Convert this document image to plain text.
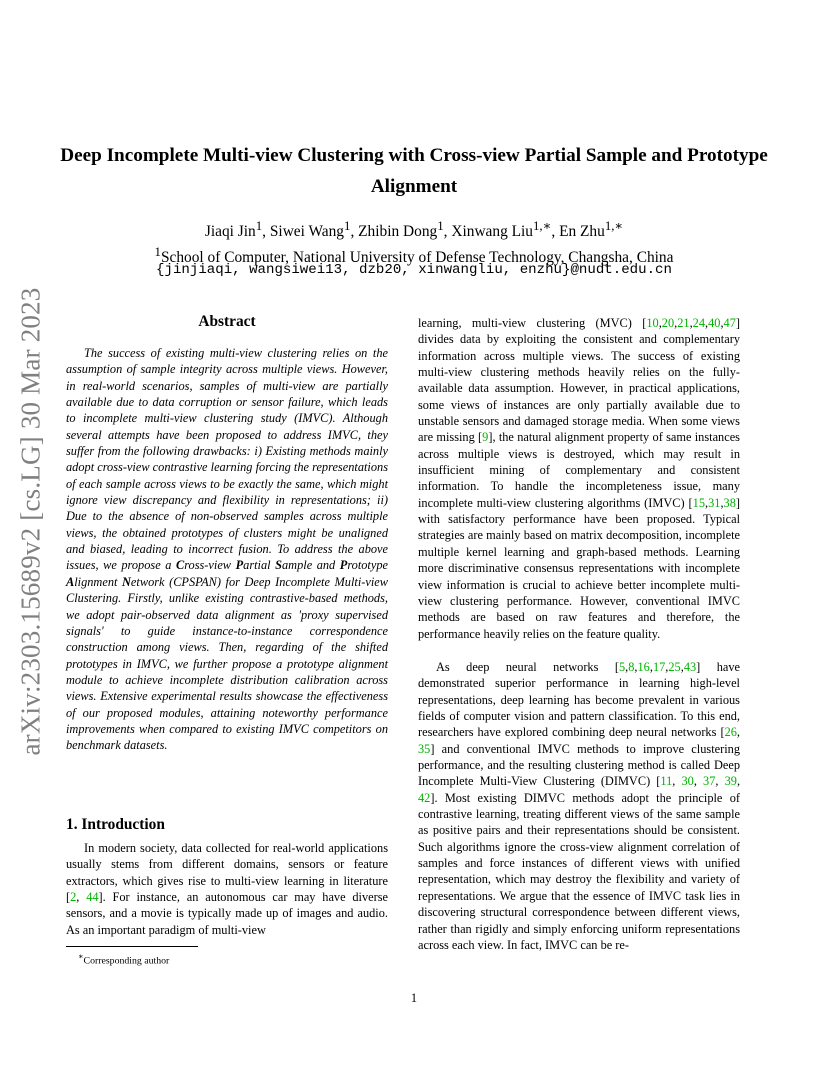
arXiv:2303.15689v2 [cs.LG] 30 Mar 2023
Deep Incomplete Multi-view Clustering with Cross-view Partial Sample and Prototype Alignment
Jiaqi Jin$^1$, Siwei Wang$^1$, Zhibin Dong$^1$, Xinwang Liu$^{1,∗}$, En Zhu$^{1,∗}$
$^1$School of Computer, National University of Defense Technology, Changsha, China
{jinjiaqi, wangsiwei13, dzb20, xinwangliu, enzhu}@nudt.edu.cn
Abstract

The success of existing multi-view clustering relies on the assumption of sample integrity across multiple views. However, in real-world scenarios, samples of multi-view are partially available due to data corruption or sensor failure, which leads to incomplete multi-view clustering study (IMVC). Although several attempts have been proposed to address IMVC, they suffer from the following drawbacks: i) Existing methods mainly adopt cross-view contrastive learning forcing the representations of each sample across views to be exactly the same, which might ignore view discrepancy and flexibility in representations; ii) Due to the absence of non-observed samples across multiple views, the obtained prototypes of clusters might be unaligned and biased, leading to incorrect fusion. To address the above issues, we propose a Cross-view Partial Sample and Prototype Alignment Network (CPSPAN) for Deep Incomplete Multi-view Clustering. Firstly, unlike existing contrastive-based methods, we adopt pair-observed data alignment as 'proxy supervised signals' to guide instance-to-instance correspondence construction among views. Then, regarding of the shifted prototypes in IMVC, we further propose a prototype alignment module to achieve incomplete distribution calibration across views. Extensive experimental results showcase the effectiveness of our proposed modules, attaining noteworthy performance improvements when compared to existing IMVC competitors on benchmark datasets.

1. Introduction

In modern society, data collected for real-world applications usually stems from different domains, sensors or feature extractors, which gives rise to multi-view learning in literature [2, 44]. For instance, an autonomous car may have diverse sensors, and a movie is typically made up of images and audio. As an important paradigm of multi-view

∗Corresponding author

learning, multi-view clustering (MVC) [10,20,21,24,40,47] divides data by exploiting the consistent and complementary information across multiple views. The success of existing multi-view clustering methods heavily relies on the fully-available data assumption. However, in practical applications, some views of instances are only partially available due to unstable sensors and damaged storage media. When some views are missing [9], the natural alignment property of same instances across multiple views is destroyed, which may result in insufficient mining of complementary and consistent information. To handle the incompleteness issue, many incomplete multi-view clustering algorithms (IMVC) [15,31,38] with satisfactory performance have been proposed. Typical strategies are mainly based on matrix decomposition, incomplete multiple kernel learning and graph-based methods. Learning more discriminative consensus representations with incomplete view information is crucial to achieve better incomplete multi-view clustering performance. However, conventional IMVC methods are based on raw features and therefore, the performance heavily relies on the feature quality.

As deep neural networks [5,8,16,17,25,43] have demonstrated superior performance in learning high-level representations, deep learning has become prevalent in various fields of computer vision and pattern classification. To this end, researchers have explored combining deep neural networks [26, 35] and conventional IMVC methods to improve clustering performance, and the resulting clustering method is called Deep Incomplete Multi-View Clustering (DIMVC) [11, 30, 37, 39, 42]. Most existing DIMVC methods adopt the principle of contrastive learning, treating different views of the same sample as positive pairs and their representations should be consistent. Such algorithms ignore the cross-view alignment correlation of samples and force instances of different views with unified representation, which may destroy the flexibility and variety of representations. We argue that the essence of IMVC task lies in discovering structural correspondence between different views, rather than rigidly and simply enforcing uniform representations across each view. In fact, IMVC can be re-

1
